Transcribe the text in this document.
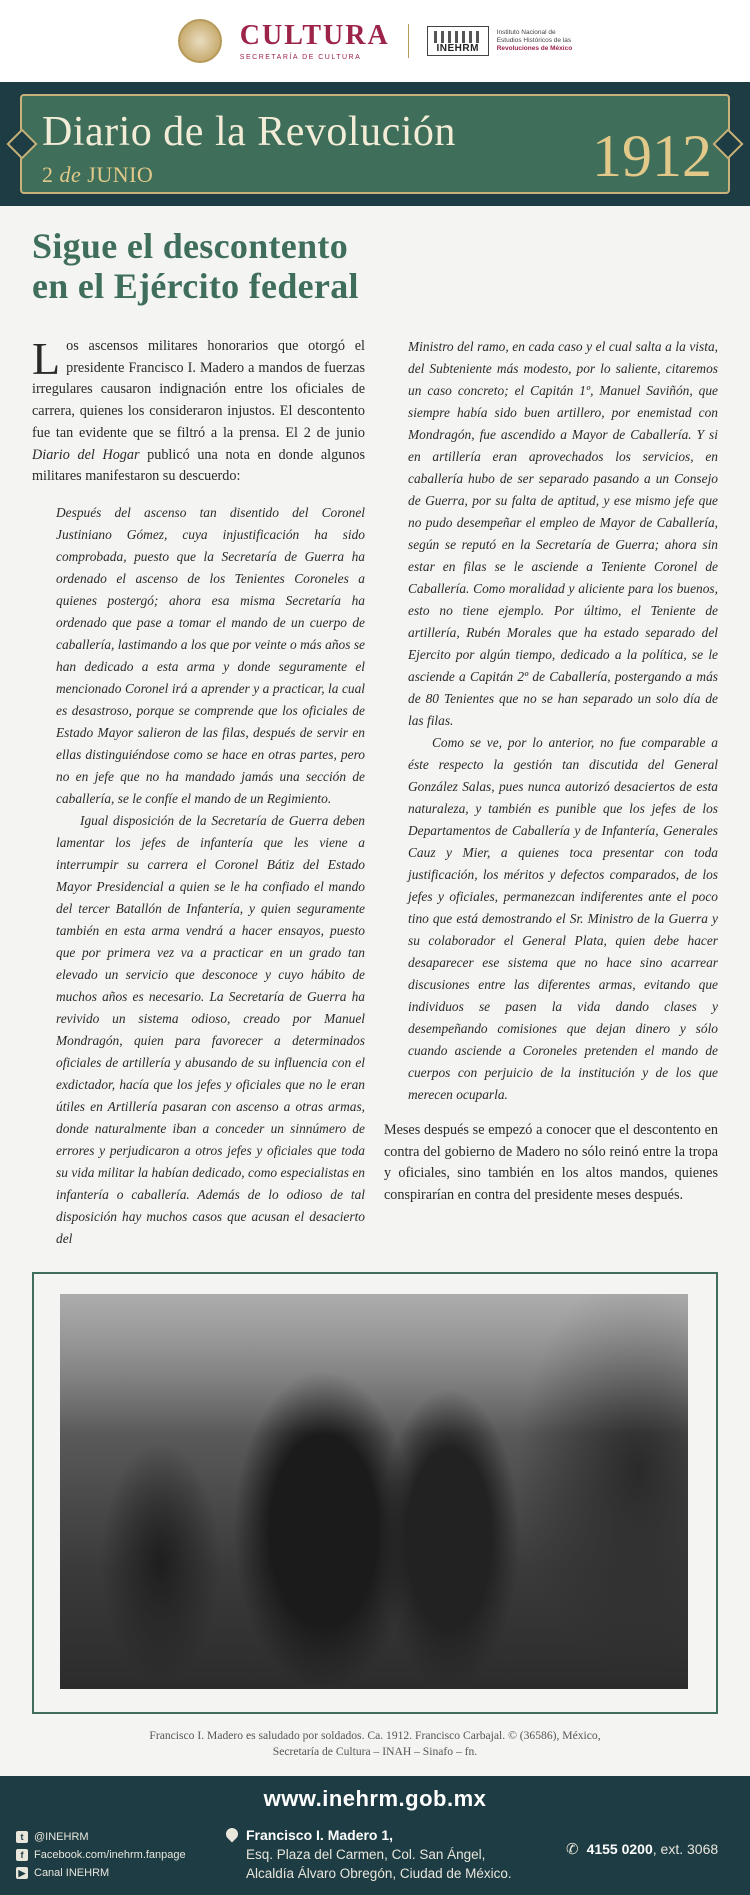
CULTURA
SECRETARÍA DE CULTURA
INEHRM
Instituto Nacional de
Estudios Históricos de las
Revoluciones de México
Diario de la Revolución
2 de JUNIO	1912
Sigue el descontento
en el Ejército federal

Los ascensos militares honorarios que otorgó el presidente Francisco I. Madero a mandos de fuerzas irregulares causaron indignación entre los oficiales de carrera, quienes los consideraron injustos. El descontento fue tan evidente que se filtró a la prensa. El 2 de junio Diario del Hogar publicó una nota en donde algunos militares manifestaron su descuerdo:

Después del ascenso tan disentido del Coronel Justiniano Gómez, cuya injustificación ha sido comprobada, puesto que la Secretaría de Guerra ha ordenado el ascenso de los Tenientes Coroneles a quienes postergó; ahora esa misma Secretaría ha ordenado que pase a tomar el mando de un cuerpo de caballería, lastimando a los que por veinte o más años se han dedicado a esta arma y donde seguramente el mencionado Coronel irá a aprender y a practicar, la cual es desastroso, porque se comprende que los oficiales de Estado Mayor salieron de las filas, después de servir en ellas distinguiéndose como se hace en otras partes, pero no en jefe que no ha mandado jamás una sección de caballería, se le confíe el mando de un Regimiento.

Igual disposición de la Secretaría de Guerra deben lamentar los jefes de infantería que les viene a interrumpir su carrera el Coronel Bátiz del Estado Mayor Presidencial a quien se le ha confiado el mando del tercer Batallón de Infantería, y quien seguramente también en esta arma vendrá a hacer ensayos, puesto que por primera vez va a practicar en un grado tan elevado un servicio que desconoce y cuyo hábito de muchos años es necesario. La Secretaría de Guerra ha revivido un sistema odioso, creado por Manuel Mondragón, quien para favorecer a determinados oficiales de artillería y abusando de su influencia con el exdictador, hacía que los jefes y oficiales que no le eran útiles en Artillería pasaran con ascenso a otras armas, donde naturalmente iban a conceder un sinnúmero de errores y perjudicaron a otros jefes y oficiales que toda su vida militar la habían dedicado, como especialistas en infantería o caballería. Además de lo odioso de tal disposición hay muchos casos que acusan el desacierto del

Ministro del ramo, en cada caso y el cual salta a la vista, del Subteniente más modesto, por lo saliente, citaremos un caso concreto; el Capitán 1º, Manuel Saviñón, que siempre había sido buen artillero, por enemistad con Mondragón, fue ascendido a Mayor de Caballería. Y si en artillería eran aprovechados los servicios, en caballería hubo de ser separado pasando a un Consejo de Guerra, por su falta de aptitud, y ese mismo jefe que no pudo desempeñar el empleo de Mayor de Caballería, según se reputó en la Secretaría de Guerra; ahora sin estar en filas se le asciende a Teniente Coronel de Caballería. Como moralidad y aliciente para los buenos, esto no tiene ejemplo. Por último, el Teniente de artillería, Rubén Morales que ha estado separado del Ejercito por algún tiempo, dedicado a la política, se le asciende a Capitán 2º de Caballería, postergando a más de 80 Tenientes que no se han separado un solo día de las filas.

Como se ve, por lo anterior, no fue comparable a éste respecto la gestión tan discutida del General González Salas, pues nunca autorizó desaciertos de esta naturaleza, y también es punible que los jefes de los Departamentos de Caballería y de Infantería, Generales Cauz y Mier, a quienes toca presentar con toda justificación, los méritos y defectos comparados, de los jefes y oficiales, permanezcan indiferentes ante el poco tino que está demostrando el Sr. Ministro de la Guerra y su colaborador el General Plata, quien debe hacer desaparecer ese sistema que no hace sino acarrear discusiones entre las diferentes armas, evitando que individuos se pasen la vida dando clases y desempeñando comisiones que dejan dinero y sólo cuando asciende a Coroneles pretenden el mando de cuerpos con perjuicio de la institución y de los que merecen ocuparla.

Meses después se empezó a conocer que el descontento en contra del gobierno de Madero no sólo reinó entre la tropa y oficiales, sino también en los altos mandos, quienes conspirarían en contra del presidente meses después.

Francisco I. Madero es saludado por soldados. Ca. 1912. Francisco Carbajal. © (36586), México,
Secretaría de Cultura – INAH – Sinafo – fn.
www.inehrm.gob.mx
t @INEHRM
f Facebook.com/inehrm.fanpage
▶ Canal INEHRM
Francisco I. Madero 1,
Esq. Plaza del Carmen, Col. San Ángel,
Alcaldía Álvaro Obregón, Ciudad de México.
✆ 4155 0200, ext. 3068
